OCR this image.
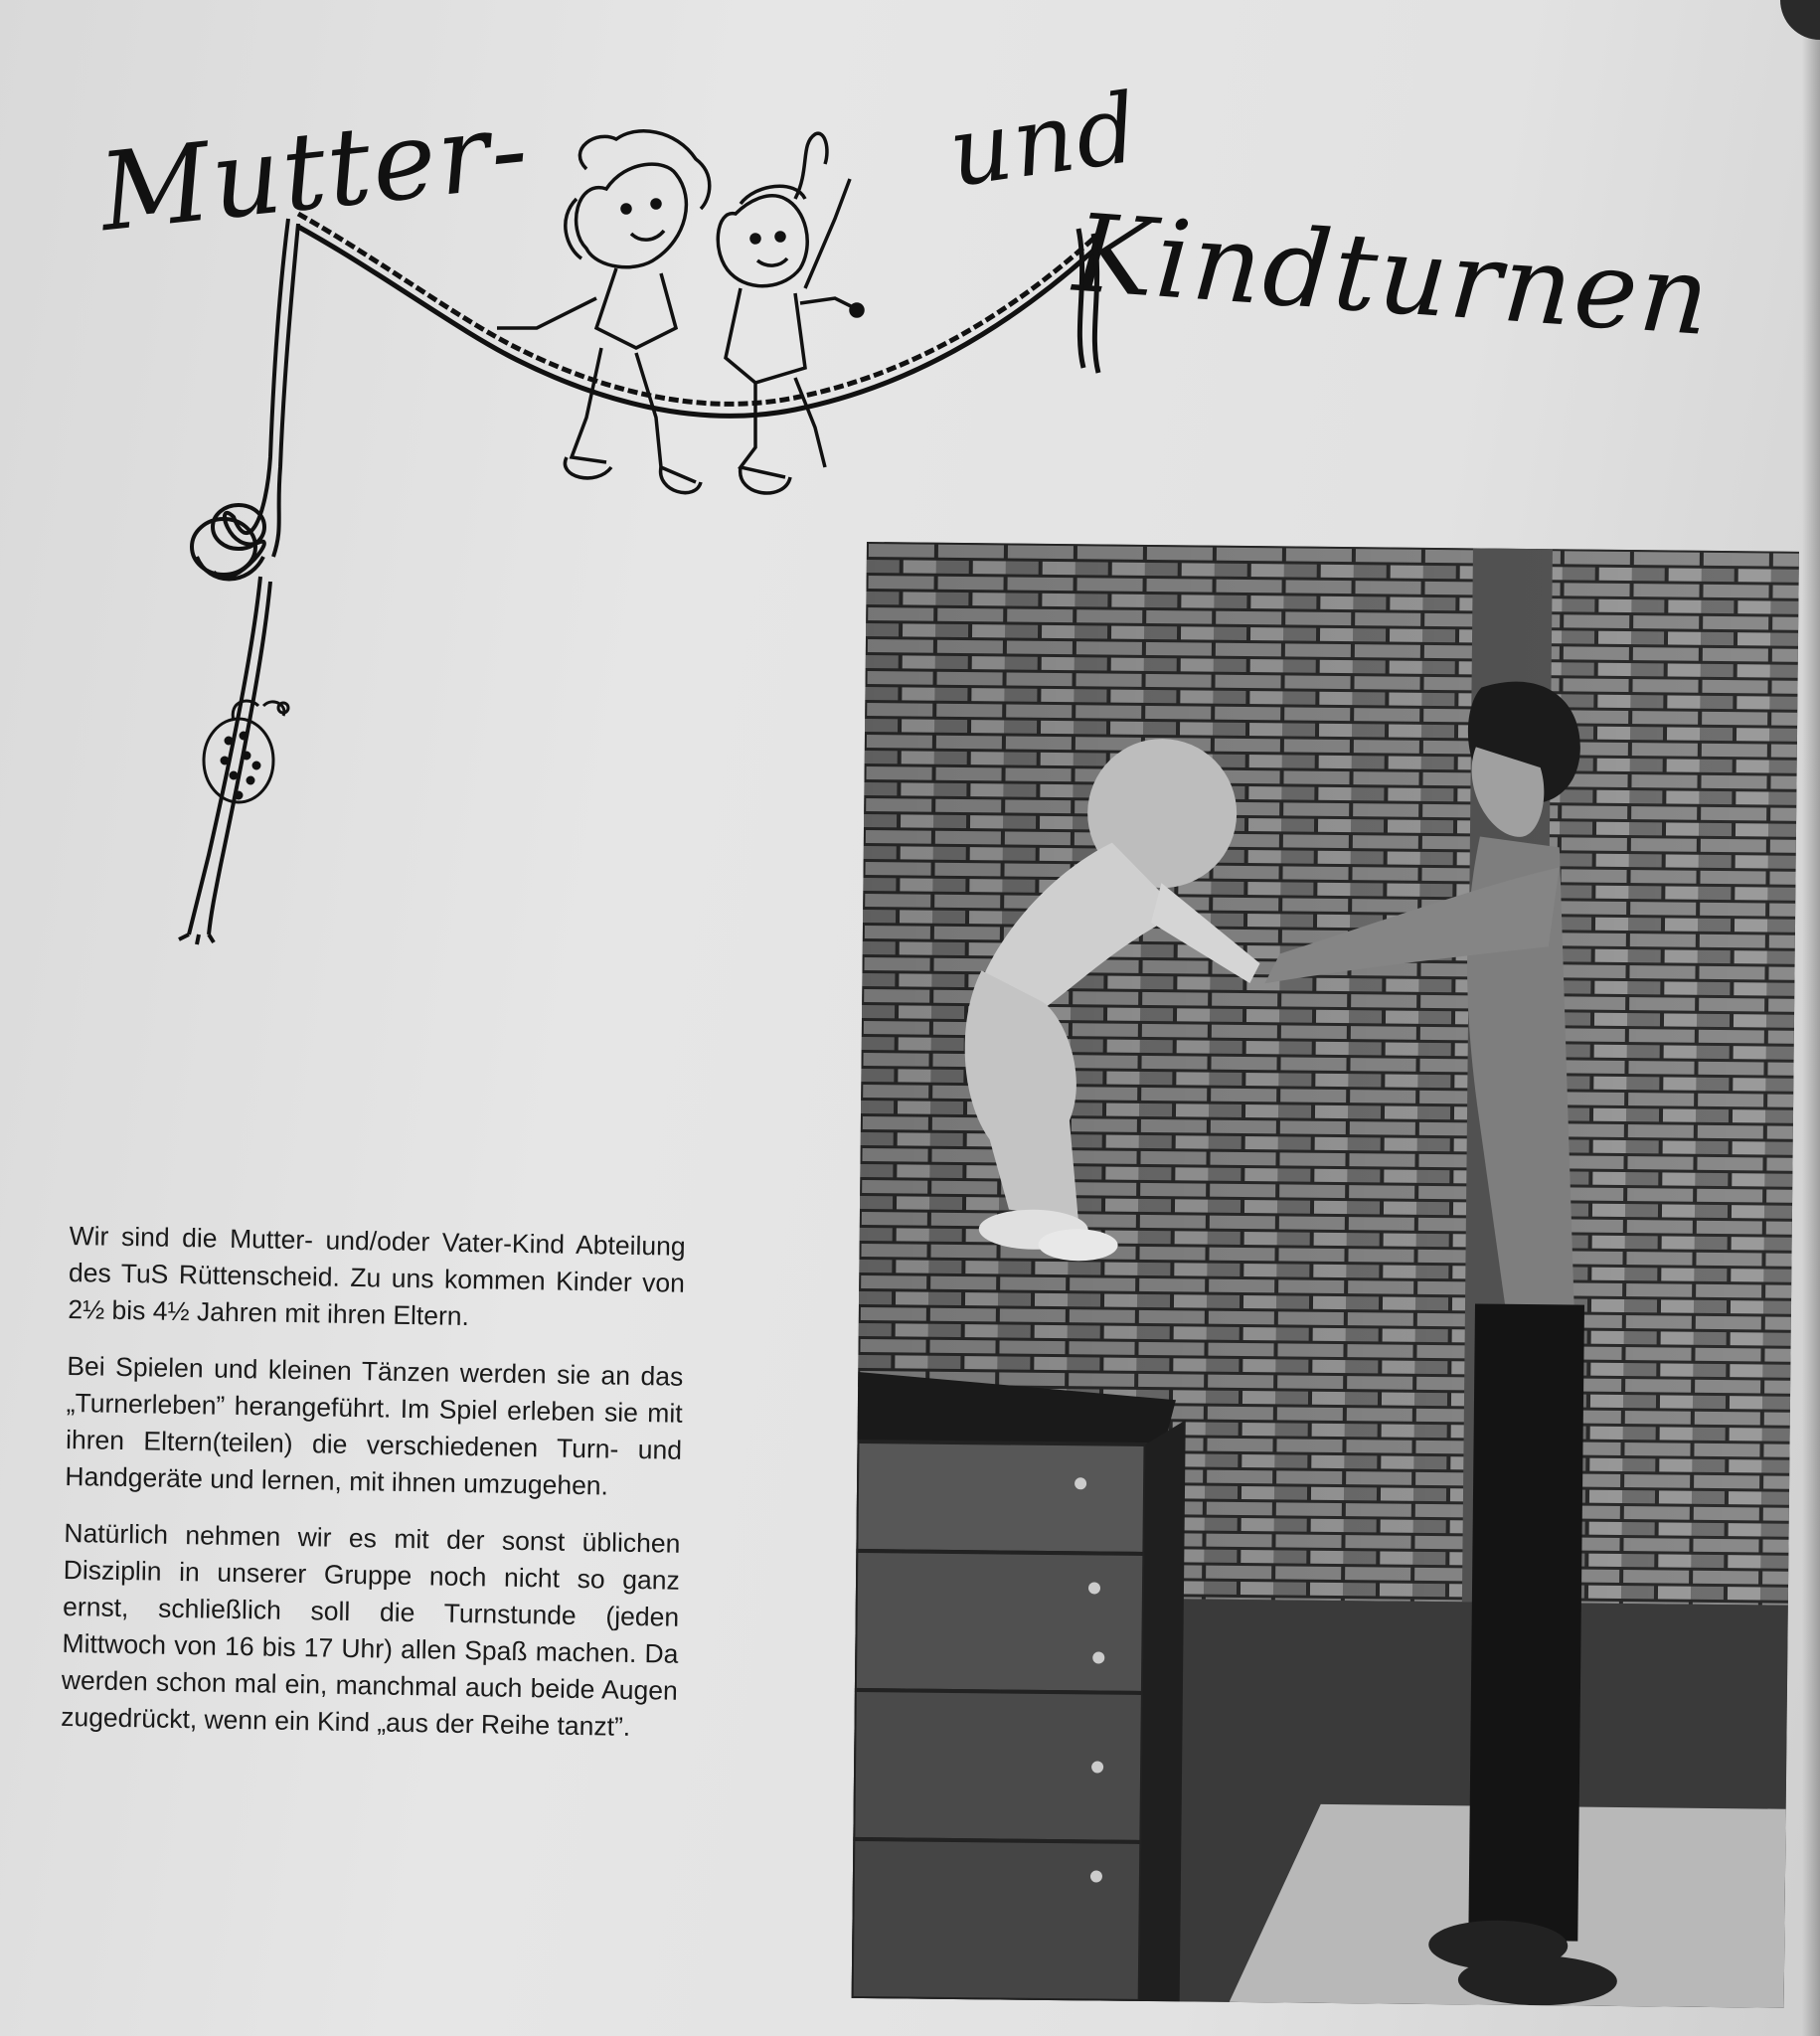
Mutter-	und
Kindturnen

Wir sind die Mutter- und/oder Vater-Kind Abteilung des TuS Rüttenscheid. Zu uns kommen Kinder von 2½ bis 4½ Jahren mit ihren Eltern.

Bei Spielen und kleinen Tänzen werden sie an das „Turnerleben” herangeführt. Im Spiel erleben sie mit ihren Eltern(teilen) die verschiedenen Turn- und Handgeräte und lernen, mit ihnen umzugehen.

Natürlich nehmen wir es mit der sonst üblichen Disziplin in unserer Gruppe noch nicht so ganz ernst, schließlich soll die Turnstunde (jeden Mittwoch von 16 bis 17 Uhr) allen Spaß machen. Da werden schon mal ein, manchmal auch beide Augen zugedrückt, wenn ein Kind „aus der Reihe tanzt”.
